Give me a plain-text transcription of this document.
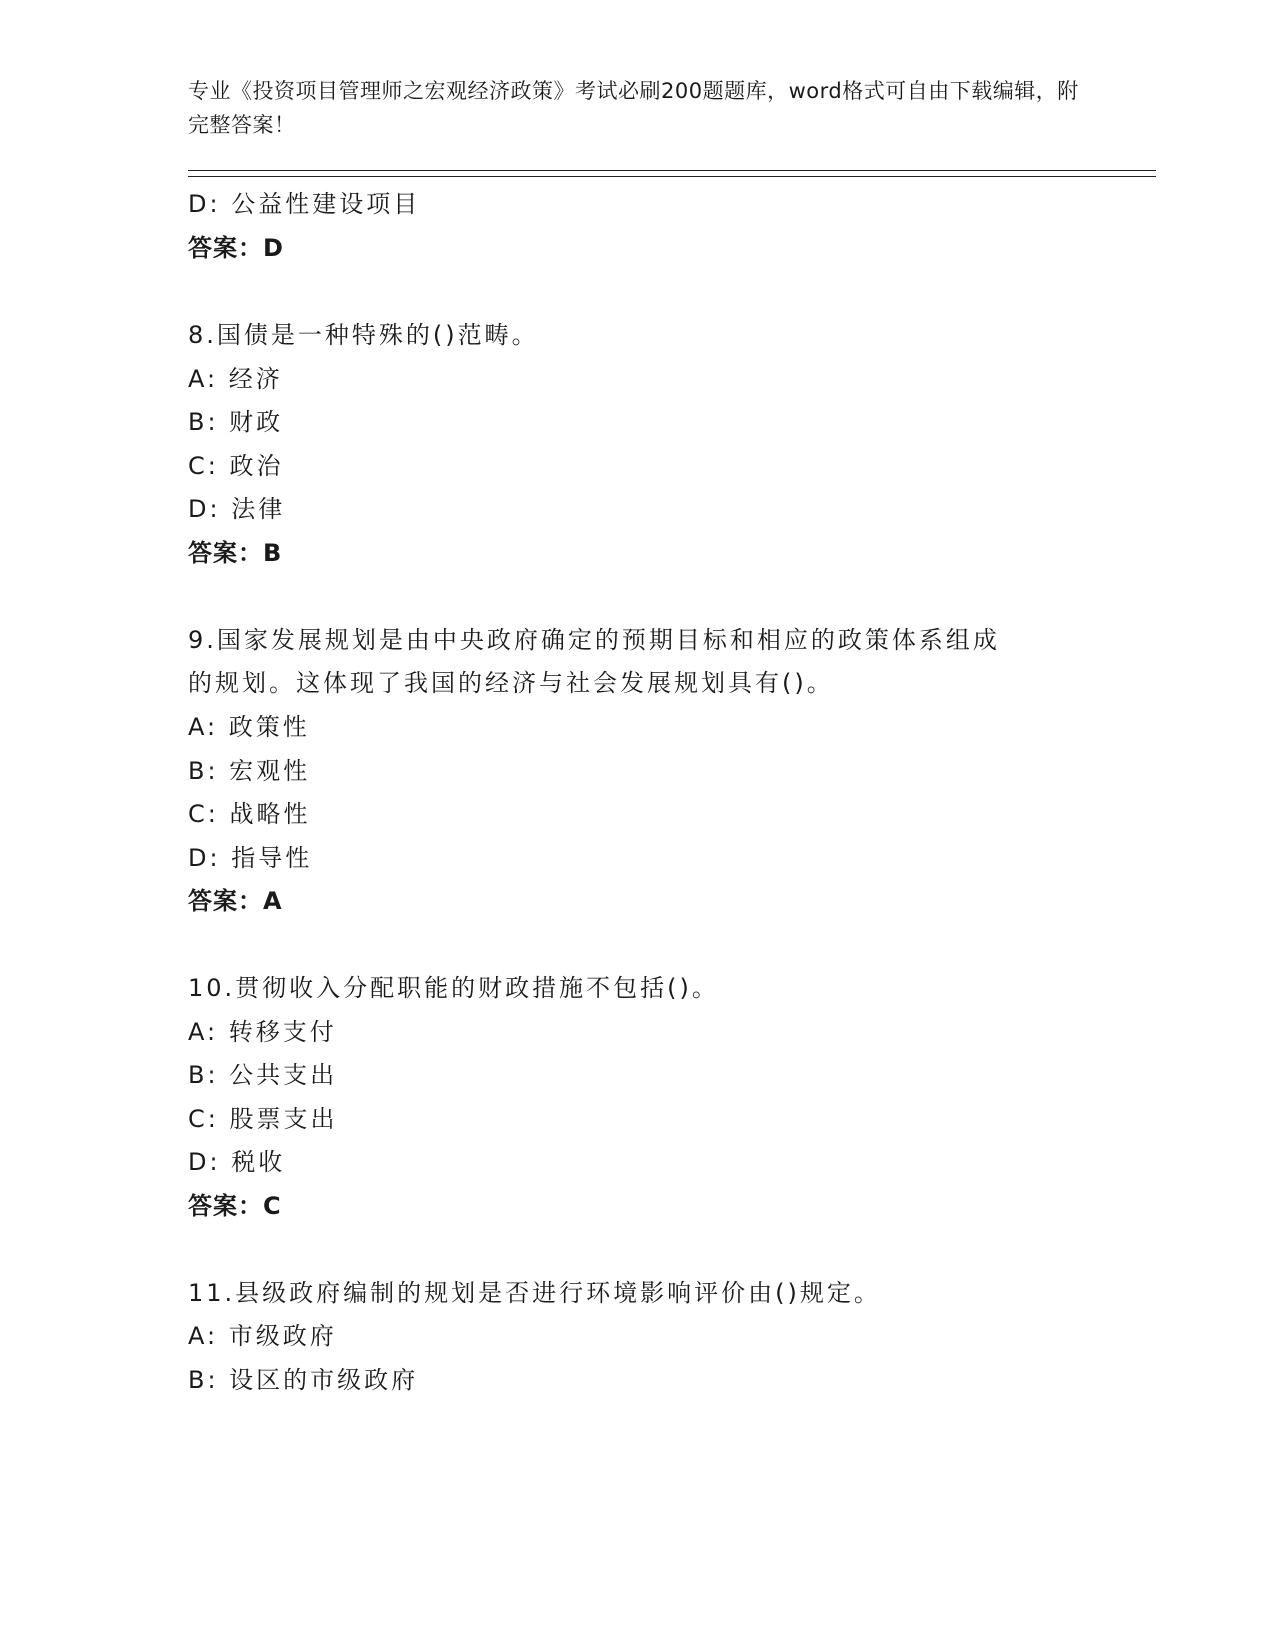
专业《投资项目管理师之宏观经济政策》考试必刷200题题库，word格式可自由下载编辑，附完整答案！
D: 公益性建设项目
答案：D
8.国债是一种特殊的()范畴。
A: 经济
B: 财政
C: 政治
D: 法律
答案：B
9.国家发展规划是由中央政府确定的预期目标和相应的政策体系组成
的规划。这体现了我国的经济与社会发展规划具有()。
A: 政策性
B: 宏观性
C: 战略性
D: 指导性
答案：A
10.贯彻收入分配职能的财政措施不包括()。
A: 转移支付
B: 公共支出
C: 股票支出
D: 税收
答案：C
11.县级政府编制的规划是否进行环境影响评价由()规定。
A: 市级政府
B: 设区的市级政府
